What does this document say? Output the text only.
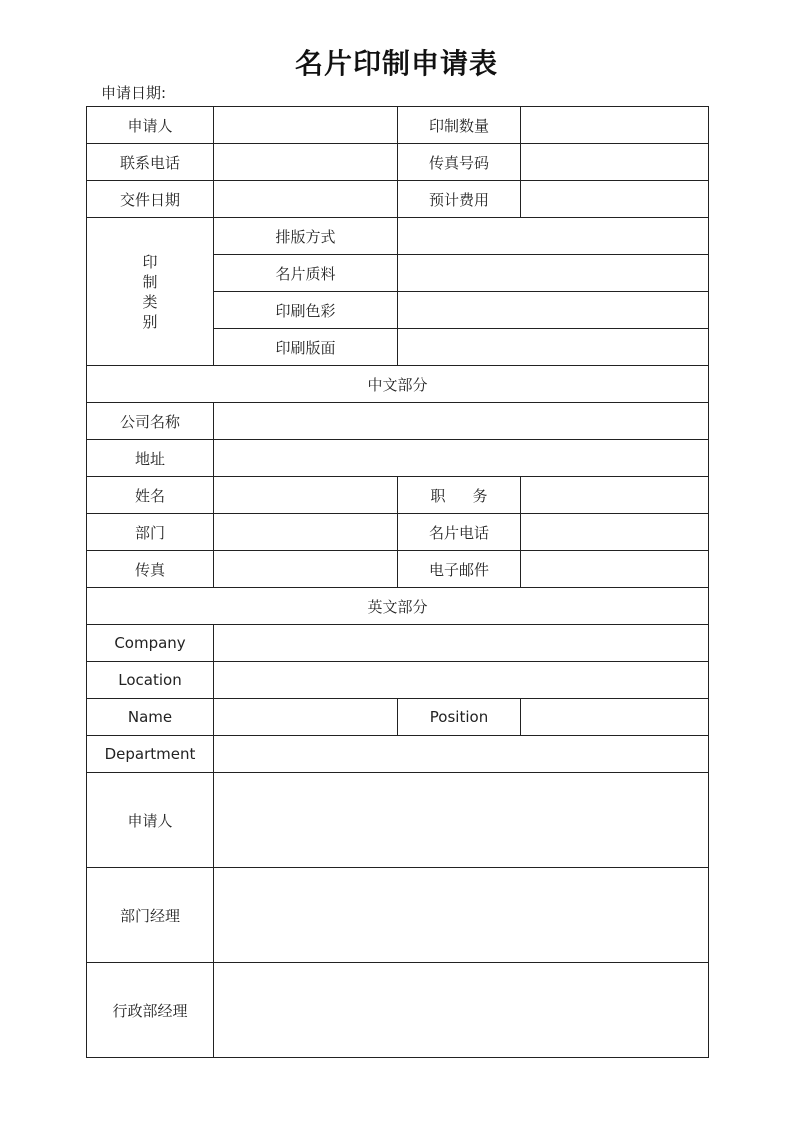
名片印制申请表
申请日期:
申请人		印制数量	
联系电话		传真号码	
交件日期		预计费用	
印制类别	排版方式		
	名片质料		
	印刷色彩		
	印刷版面		
中文部分			
公司名称			
地址			
姓名		职务	
部门		名片电话	
传真		电子邮件	
英文部分			
Company			
Location			
Name		Position	
Department			
申请人			
部门经理			
行政部经理			
